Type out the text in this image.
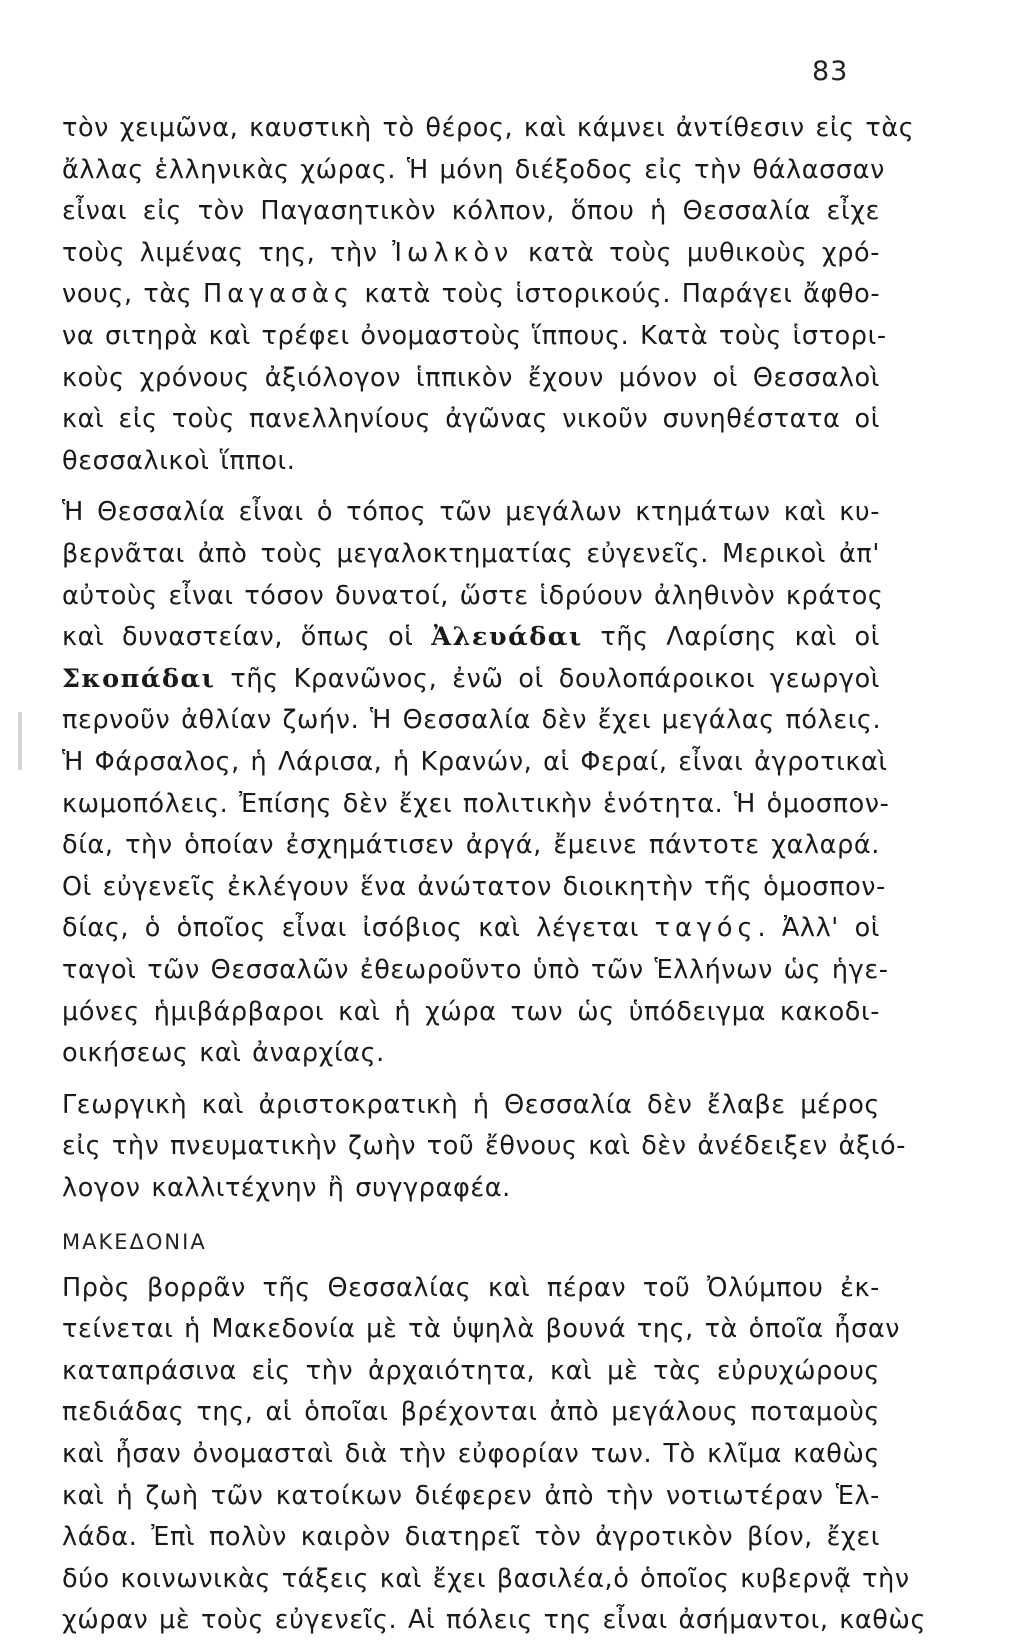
83
ΜΑΚΕΔΟΝΙΑ
τὸν χειμῶνα, καυστικὴ τὸ θέρος, καὶ κάμνει ἀντίθεσιν εἰς τὰς
ἄλλας ἑλληνικὰς χώρας. Ἡ μόνη διέξοδος εἰς τὴν θάλασσαν
εἶναι εἰς τὸν Παγασητικὸν κόλπον, ὅπου ἡ Θεσσαλία εἶχε
τοὺς λιμένας της, τὴν Ἰωλκὸν κατὰ τοὺς μυθικοὺς χρό-
νους, τὰς Παγασὰς κατὰ τοὺς ἱστορικούς. Παράγει ἄφθο-
να σιτηρὰ καὶ τρέφει ὀνομαστοὺς ἵππους. Κατὰ τοὺς ἱστορι-
κοὺς χρόνους ἀξιόλογον ἱππικὸν ἔχουν μόνον οἱ Θεσσαλοὶ
καὶ εἰς τοὺς πανελληνίους ἀγῶνας νικοῦν συνηθέστατα οἱ
θεσσαλικοὶ ἵπποι.
Ἡ Θεσσαλία εἶναι ὁ τόπος τῶν μεγάλων κτημάτων καὶ κυ-
βερνᾶται ἀπὸ τοὺς μεγαλοκτηματίας εὐγενεῖς. Μερικοὶ ἀπ'
αὐτοὺς εἶναι τόσον δυνατοί, ὥστε ἱδρύουν ἀληθινὸν κράτος
καὶ δυναστείαν, ὅπως οἱ Ἀλευάδαι τῆς Λαρίσης καὶ οἱ
Σκοπάδαι τῆς Κρανῶνος, ἐνῶ οἱ δουλοπάροικοι γεωργοὶ
περνοῦν ἀθλίαν ζωήν. Ἡ Θεσσαλία δὲν ἔχει μεγάλας πόλεις.
Ἡ Φάρσαλος, ἡ Λάρισα, ἡ Κρανών, αἱ Φεραί, εἶναι ἀγροτικαὶ
κωμοπόλεις. Ἐπίσης δὲν ἔχει πολιτικὴν ἑνότητα. Ἡ ὁμοσπον-
δία, τὴν ὁποίαν ἐσχημάτισεν ἀργά, ἔμεινε πάντοτε χαλαρά.
Οἱ εὐγενεῖς ἐκλέγουν ἕνα ἀνώτατον διοικητὴν τῆς ὁμοσπον-
δίας, ὁ ὁποῖος εἶναι ἰσόβιος καὶ λέγεται ταγός. Ἀλλ' οἱ
ταγοὶ τῶν Θεσσαλῶν ἐθεωροῦντο ὑπὸ τῶν Ἑλλήνων ὡς ἡγε-
μόνες ἡμιβάρβαροι καὶ ἡ χώρα των ὡς ὑπόδειγμα κακοδι-
οικήσεως καὶ ἀναρχίας.
Γεωργικὴ καὶ ἀριστοκρατικὴ ἡ Θεσσαλία δὲν ἔλαβε μέρος
εἰς τὴν πνευματικὴν ζωὴν τοῦ ἔθνους καὶ δὲν ἀνέδειξεν ἀξιό-
λογον καλλιτέχνην ἢ συγγραφέα.
Πρὸς βορρᾶν τῆς Θεσσαλίας καὶ πέραν τοῦ Ὀλύμπου ἐκ-
τείνεται ἡ Μακεδονία μὲ τὰ ὑψηλὰ βουνά της, τὰ ὁποῖα ἦσαν
καταπράσινα εἰς τὴν ἀρχαιότητα, καὶ μὲ τὰς εὐρυχώρους
πεδιάδας της, αἱ ὁποῖαι βρέχονται ἀπὸ μεγάλους ποταμοὺς
καὶ ἦσαν ὀνομασταὶ διὰ τὴν εὐφορίαν των. Τὸ κλῖμα καθὼς
καὶ ἡ ζωὴ τῶν κατοίκων διέφερεν ἀπὸ τὴν νοτιωτέραν Ἑλ-
λάδα. Ἐπὶ πολὺν καιρὸν διατηρεῖ τὸν ἀγροτικὸν βίον, ἔχει
δύο κοινωνικὰς τάξεις καὶ ἔχει βασιλέα,ὁ ὁποῖος κυβερνᾷ τὴν
χώραν μὲ τοὺς εὐγενεῖς. Αἱ πόλεις της εἶναι ἀσήμαντοι, καθὼς
